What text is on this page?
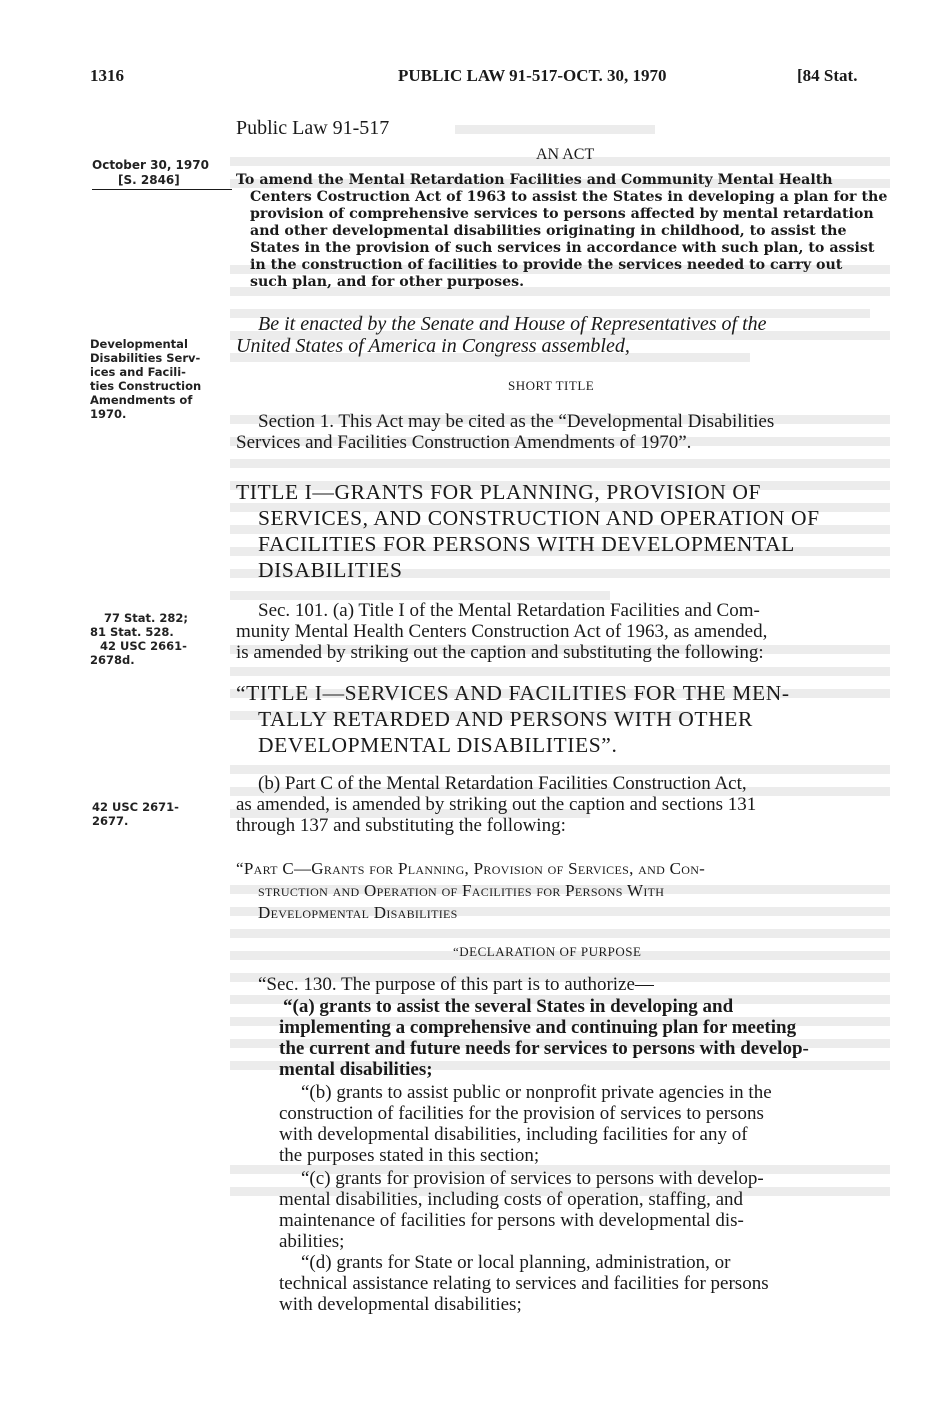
1316	PUBLIC LAW 91-517-OCT. 30, 1970	[84 Stat.
Public Law 91-517
October 30, 1970
[S. 2846]
AN ACT
To amend the Mental Retardation Facilities and Community Mental Health
Centers Costruction Act of 1963 to assist the States in developing a plan for the
provision of comprehensive services to persons affected by mental retardation
and other developmental disabilities originating in childhood, to assist the
States in the provision of such services in accordance with such plan, to assist
in the construction of facilities to provide the services needed to carry out
such plan, and for other purposes.
Be it enacted by the Senate and House of Representatives of the
United States of America in Congress assembled,
Developmental
Disabilities Serv-
ices and Facili-
ties Construction
Amendments of
1970.
SHORT TITLE
Section 1. This Act may be cited as the “Developmental Disabilities
Services and Facilities Construction Amendments of 1970”.
TITLE I—GRANTS FOR PLANNING, PROVISION OF
SERVICES, AND CONSTRUCTION AND OPERATION OF
FACILITIES FOR PERSONS WITH DEVELOPMENTAL
DISABILITIES
77 Stat. 282;
81 Stat. 528.
42 USC 2661-
2678d.
Sec. 101. (a) Title I of the Mental Retardation Facilities and Com-
munity Mental Health Centers Construction Act of 1963, as amended,
is amended by striking out the caption and substituting the following:
“TITLE I—SERVICES AND FACILITIES FOR THE MEN-
TALLY RETARDED AND PERSONS WITH OTHER
DEVELOPMENTAL DISABILITIES”.
42 USC 2671-
2677.
(b) Part C of the Mental Retardation Facilities Construction Act,
as amended, is amended by striking out the caption and sections 131
through 137 and substituting the following:
“Part C—Grants for Planning, Provision of Services, and Con-
struction and Operation of Facilities for Persons With
Developmental Disabilities
“DECLARATION OF PURPOSE
“Sec. 130. The purpose of this part is to authorize—
“(a) grants to assist the several States in developing and
implementing a comprehensive and continuing plan for meeting
the current and future needs for services to persons with develop-
mental disabilities;
“(b) grants to assist public or nonprofit private agencies in the
construction of facilities for the provision of services to persons
with developmental disabilities, including facilities for any of
the purposes stated in this section;
“(c) grants for provision of services to persons with develop-
mental disabilities, including costs of operation, staffing, and
maintenance of facilities for persons with developmental dis-
abilities;
“(d) grants for State or local planning, administration, or
technical assistance relating to services and facilities for persons
with developmental disabilities;
